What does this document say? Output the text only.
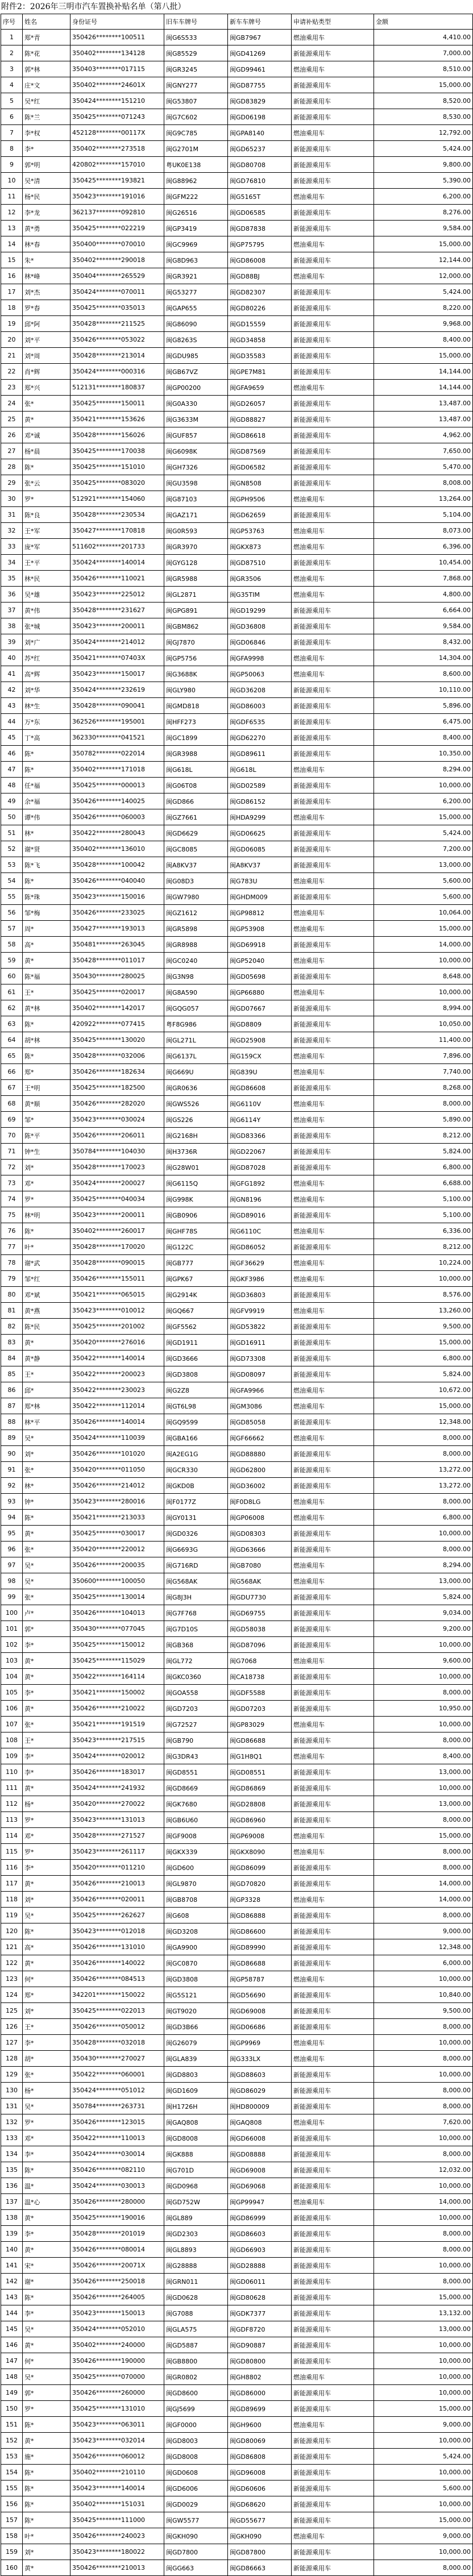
附件2：2026年三明市汽车置换补贴名单（第八批）
序号	姓名	身份证号	旧车车牌号	新车车牌号	申请补贴类型	金额
1	郑*青	350426********100511	闽G6S533	闽GB7967	燃油乘用车	4,410.00
2	陈*花	350402********134128	闽G85529	闽GD41269	新能源乘用车	7,000.00
3	郭*林	350403********017115	闽GR3245	闽GD99461	燃油乘用车	8,510.00
4	庄*文	350402********24601X	闽GNY277	闽GD87755	新能源乘用车	15,000.00
5	吴*红	350424********151210	闽G53807	闽GD83829	新能源乘用车	8,520.00
6	陈*兰	350425********071243	闽G7C602	闽GD06198	新能源乘用车	8,530.00
7	李*权	452128********00117X	闽G9C785	闽GPA8140	燃油乘用车	12,792.00
8	李*	350402********273518	闽G2701M	闽GD65237	新能源乘用车	5,424.00
9	郭*明	420802********157010	粤UK0E138	闽GD80708	新能源乘用车	9,800.00
10	吴*清	350425********193821	闽G88962	闽GD76810	新能源乘用车	5,390.00
11	杨*民	350423********191016	闽GFM222	闽G5165T	燃油乘用车	6,200.00
12	李*龙	362137********092810	闽G26516	闽GD06585	新能源乘用车	8,276.00
13	黄*勇	350425********022219	闽GP3419	闽GD87838	新能源乘用车	9,584.00
14	林*春	350400********070010	闽GC9969	闽GP75795	燃油乘用车	15,000.00
15	朱*	350402********290018	闽G8D963	闽GD86008	新能源乘用车	12,144.00
16	林*峰	350404********265529	闽GR3921	闽GD88BJ	燃油乘用车	12,000.00
17	刘*杰	350424********070011	闽G53277	闽GD82307	新能源乘用车	5,424.00
18	罗*春	350425********035013	闽GAP655	闽GD80226	新能源乘用车	8,220.00
19	邱*阿	350428********211525	闽G86090	闽GD15559	新能源乘用车	9,968.00
20	刘*平	350426********053022	闽G8263S	闽GD34858	新能源乘用车	8,400.00
21	刘*周	350428********213014	闽GDU985	闽GD35583	新能源乘用车	15,000.00
22	肖*辉	350424********000316	闽GB67VZ	闽GPE7M81	新能源乘用车	14,144.00
23	郑*兴	512131********180837	闽GP00200	闽GFA9659	燃油乘用车	14,144.00
24	张*	350425********150011	闽G0A330	闽GD26057	新能源乘用车	13,487.00
25	黄*	350421********153626	闽G3633M	闽GD88827	新能源乘用车	13,487.00
26	邓*诚	350428********156026	闽GUF857	闽GD86618	新能源乘用车	4,962.00
27	杨*晨	350425********170038	闽G6098K	闽GD87569	新能源乘用车	7,650.00
28	陈*	350425********151010	闽GH7326	闽GD06582	新能源乘用车	5,470.00
29	张*云	350425********083020	闽GU3598	闽GN8508	新能源乘用车	8,008.00
30	罗*	512921********154060	闽G87103	闽GPH9506	燃油乘用车	13,264.00
31	陈*良	350428********230534	闽GAZ171	闽GD62659	新能源乘用车	5,104.00
32	王*军	350427********170818	闽G0R593	闽GP53763	燃油乘用车	8,073.00
33	庞*军	511602********201733	闽GR3970	闽GKX873	燃油乘用车	6,396.00
34	王*平	350424********140014	闽GYG128	闽GD87510	新能源乘用车	10,454.00
35	林*民	350426********110021	闽GR5988	闽GR3506	燃油乘用车	7,868.00
36	吴*雄	350423********225012	闽GL2871	闽G35TIM	燃油乘用车	4,800.00
37	黄*伟	350428********231627	闽GPG891	闽GD19299	新能源乘用车	6,664.00
38	张*城	350423********200011	闽GBM862	闽GD36808	新能源乘用车	9,584.00
39	刘*广	350424********214012	闽GJ7870	闽GD06846	新能源乘用车	8,432.00
40	苏*红	350421********07403X	闽GP5756	闽GFA9998	燃油乘用车	14,304.00
41	高*辉	350423********150017	闽G3688K	闽GP50063	燃油乘用车	8,600.00
42	刘*华	350424********232619	闽GLY980	闽GD36208	新能源乘用车	10,110.00
43	林*生	350428********090041	闽GMD818	闽GD86003	新能源乘用车	5,896.00
44	万*东	362526********195001	闽HFF273	闽GDF6535	新能源乘用车	6,475.00
45	丁*高	362330********041521	闽GC1899	闽GD62270	新能源乘用车	8,400.00
46	陈*	350782********022014	闽GR3988	闽GD89611	新能源乘用车	10,350.00
47	陈*	350402********171018	闽G618L	闽G618L	燃油乘用车	8,294.00
48	任*福	350425********000013	闽G06T08	闽GD02589	新能源乘用车	10,000.00
49	余*福	350426********140025	闽GD866	闽GD86152	新能源乘用车	6,200.00
50	谭*伟	350426********060003	闽GZ7661	闽HDA9299	燃油乘用车	15,000.00
51	林*	350422********280043	闽GD6629	闽GD06625	新能源乘用车	5,424.00
52	谢*贤	350402********136010	闽GC8085	闽GD06085	新能源乘用车	7,200.00
53	陈*飞	350428********100042	闽A8KV37	闽A8KV37	新能源乘用车	13,000.00
54	陈*	350426********040040	闽G08D3	闽G783U	燃油乘用车	5,600.00
55	陈*珠	350423********150016	闽GW7980	闽GHDM009	新能源乘用车	5,600.00
56	邹*梅	350426********233025	闽GZ1612	闽GP98812	燃油乘用车	10,064.00
57	周*	350427********193013	闽GR5898	闽GP53908	燃油乘用车	15,000.00
58	高*	350481********263045	闽GR8988	闽GD69918	新能源乘用车	14,000.00
59	黄*	350428********011017	闽GC0240	闽GP52040	燃油乘用车	10,000.00
60	陈*福	350430********280025	闽G3N98	闽GD05698	新能源乘用车	8,648.00
61	王*	350425********020017	闽G8A590	闽GP66880	燃油乘用车	10,000.00
62	黄*林	350402********142017	闽GQG057	闽GD07667	新能源乘用车	8,994.00
63	陈*	420922********077415	粤F8G986	闽GD8809	新能源乘用车	10,050.00
64	胡*林	350425********130020	闽GL271L	闽GD25908	新能源乘用车	11,400.00
65	陈*	350428********032006	闽G6137L	闽G159CX	燃油乘用车	7,896.00
66	郑*	350426********182634	闽G669U	闽G839U	燃油乘用车	7,740.00
67	王*明	350425********182500	闽GR0636	闽GD86608	新能源乘用车	8,268.00
68	黄*顺	350426********282020	闽GWS526	闽G6110V	燃油乘用车	8,000.00
69	邹*	350423********030024	闽GS226	闽G6114Y	燃油乘用车	5,890.00
70	陈*平	350426********206011	闽G2168H	闽GD83366	新能源乘用车	8,212.00
71	钟*生	350784********104030	闽H3736R	闽GD22067	新能源乘用车	5,824.00
72	刘*	350428********170023	闽G28W01	闽GD87028	新能源乘用车	6,800.00
73	邓*	350424********200027	闽G6115Q	闽GFG1892	燃油乘用车	6,688.00
74	罗*	350425********040034	闽G998K	闽GN8196	燃油乘用车	5,100.00
75	林*明	350423********200011	闽GB0906	闽GD89016	新能源乘用车	5,100.00
76	陈*	350402********260017	闽GHF78S	闽G6110C	燃油乘用车	6,336.00
77	叶*	350428********170020	闽G122C	闽GD86052	新能源乘用车	8,212.00
78	谢*武	350428********090015	闽GB777	闽GF36629	燃油乘用车	10,224.00
79	邹*红	350426********155011	闽GPK67	闽GKF3986	燃油乘用车	10,000.00
80	邓*斌	350421********065015	闽G2914K	闽GD36803	新能源乘用车	8,576.00
81	黄*燕	350423********010012	闽GQ667	闽GFV9919	燃油乘用车	13,260.00
82	陈*民	350425********201002	闽GF5562	闽GD53822	新能源乘用车	9,500.00
83	黄*	350420********276016	闽GD1911	闽GD16911	新能源乘用车	15,000.00
84	黄*静	350422********140014	闽GD3666	闽GD73308	新能源乘用车	6,800.00
85	王*	350422********200023	闽GD3808	闽GD08097	新能源乘用车	5,824.00
86	邱*	350422********230023	闽G2Z8	闽GFA9966	燃油乘用车	10,672.00
87	郑*林	350422********112014	闽GT6L98	闽GM3086	燃油乘用车	15,000.00
88	林*平	350426********140014	闽GQ9599	闽GD85058	新能源乘用车	12,348.00
89	吴*	350424********110039	闽GBA166	闽GF66662	燃油乘用车	8,000.00
90	刘*	350426********101020	闽A2EG1G	闽GD88880	新能源乘用车	8,000.00
91	张*	350420********011050	闽GCR330	闽GD62800	新能源乘用车	13,272.00
92	林*	350426********214012	闽GKD0B	闽GD36002	新能源乘用车	13,272.00
93	钟*	350423********280016	闽F0177Z	闽F0D8LG	燃油乘用车	8,000.00
94	陈*	350421********213033	闽GY0131	闽GP06008	燃油乘用车	6,800.00
95	黄*	350425********030017	闽GD0326	闽GD08303	新能源乘用车	10,000.00
96	张*	350420********220012	闽G6693G	闽GD63666	新能源乘用车	8,000.00
97	吴*	350426********200035	闽G716RD	闽GB7080	燃油乘用车	8,294.00
98	吴*	350600********100050	闽G568AK	闽G568AK	燃油乘用车	13,000.00
99	张*	350425********130014	闽G8J3H	闽GDU7730	新能源乘用车	5,824.00
100	卢*	350426********104013	闽G7F768	闽GD69755	新能源乘用车	9,034.00
101	郭*	350430********077045	闽G7D10S	闽GD58038	新能源乘用车	9,200.00
102	李*	350425********150012	闽GB368	闽GD87096	新能源乘用车	10,000.00
103	黄*	350425********115029	闽GL772	闽G7068	燃油乘用车	9,600.00
104	黄*	350422********164114	闽GKC0360	闽CA18738	新能源乘用车	10,000.00
105	李*	350421********150002	闽GOA558	闽GDF5588	新能源乘用车	8,000.00
106	黄*	350426********210022	闽GD7203	闽GD07203	新能源乘用车	10,950.00
107	张*	350421********191519	闽G72527	闽GP83029	燃油乘用车	10,000.00
108	王*	350423********217515	闽GB790	闽GD86688	新能源乘用车	8,000.00
109	李*	350424********020012	闽G3DR43	闽G1H8Q1	燃油乘用车	8,400.00
110	李*	350426********183017	闽GD8551	闽GD08551	新能源乘用车	13,000.00
111	黄*	350424********241932	闽GD8669	闽GD86869	新能源乘用车	10,000.00
112	杨*	350420********270022	闽GK7680	闽GD28808	新能源乘用车	13,000.00
113	罗*	350423********131013	闽GB6U60	闽GD86960	新能源乘用车	8,000.00
114	邓*	350428********271527	闽GF9008	闽GP69008	燃油乘用车	15,000.00
115	罗*	350423********261117	闽GKX339	闽GKX8090	燃油乘用车	8,000.00
116	李*	350420********011210	闽GD600	闽GD86099	新能源乘用车	8,000.00
117	黄*	350426********210013	闽GL9870	闽GD70820	新能源乘用车	14,000.00
118	刘*	350426********020011	闽GB8708	闽GP3328	燃油乘用车	14,000.00
119	吴*	350425********262627	闽G608	闽GD86888	新能源乘用车	8,000.00
120	陈*	350423********012018	闽GD3208	闽GD86600	新能源乘用车	9,000.00
121	高*	350426********131010	闽GA9900	闽GD89990	新能源乘用车	12,348.00
122	黄*	350426********140022	闽GC0870	闽GD86688	新能源乘用车	6,000.00
123	何*	350426********084513	闽GD3808	闽GP58787	燃油乘用车	10,000.00
124	郑*	342201********150022	闽G5S121	闽GD56690	新能源乘用车	10,840.00
125	刘*	350425********022013	闽GT9020	闽GD69008	新能源乘用车	9,500.00
126	王*	350426********050012	闽GD3B66	闽GD06686	新能源乘用车	8,000.00
127	李*	350428********032018	闽G26079	闽GP9969	燃油乘用车	10,000.00
128	胡*	350430********270027	闽GLA839	闽G333LX	燃油乘用车	8,000.00
129	张*	350422********060001	闽GD8803	闽GD88603	新能源乘用车	10,000.00
130	杨*	350424********051012	闽GD1609	闽GD86029	新能源乘用车	8,000.00
131	吴*	350784********263731	闽H1726H	闽HD800009	新能源乘用车	8,000.00
132	罗*	350426********123015	闽GAQ808	闽GAQ808	燃油乘用车	7,620.00
133	邓*	350422********110013	闽GD8008	闽GD66008	新能源乘用车	10,000.00
134	李*	350424********030014	闽GK888	闽GD08888	新能源乘用车	8,000.00
135	陈*	350426********082110	闽G701D	闽GD69008	新能源乘用车	12,032.00
136	温*	350424********030013	闽GD0968	闽GD69068	新能源乘用车	10,000.00
137	温*心	350426********280000	闽GD752W	闽GP99947	燃油乘用车	14,000.00
138	黄*	350425********190016	闽GL889	闽GD86999	新能源乘用车	10,000.00
139	李*	350428********201019	闽GD2303	闽GD86603	新能源乘用车	8,000.00
140	黄*	350426********080014	闽GL8893	闽GD66903	新能源乘用车	8,000.00
141	宋*	350426********20071X	闽G28888	闽GD28888	新能源乘用车	10,000.00
142	谢*	350426********250018	闽GRN011	闽GD06011	新能源乘用车	8,000.00
143	陈*	350426********264005	闽GD0628	闽GD80628	新能源乘用车	15,000.00
144	李*	350423********150013	闽G7088	闽GDK7377	新能源乘用车	13,132.00
145	吴*	350424********052010	闽GLA575	闽GDF8720	新能源乘用车	13,000.00
146	黄*	350402********240000	闽GD5887	闽GD90887	新能源乘用车	10,000.00
147	何*	350426********190000	闽GB8800	闽GD80800	新能源乘用车	10,000.00
148	吴*	350425********070000	闽GR0802	闽GH8802	燃油乘用车	10,000.00
149	郭*	350426********260000	闽GD8600	闽GD86000	新能源乘用车	10,000.00
150	罗*	350425********131010	闽GJ5699	闽GD89699	新能源乘用车	15,000.00
151	陈*	350423********063011	闽GF0000	闽GH9600	燃油乘用车	9,000.00
152	黄*	350423********032014	闽GD8003	闽GD80069	新能源乘用车	10,000.00
153	施*	350426********060012	闽GD8008	闽GD86808	新能源乘用车	5,424.00
154	陈*	350402********210110	闽GD0608	闽GD96008	新能源乘用车	10,000.00
155	陈*	350423********140014	闽GD6006	闽GD60606	新能源乘用车	5,600.00
156	陈*	350402********151031	闽GD0029	闽GD68620	新能源乘用车	10,000.00
157	陈*	350425********111000	闽GW5577	闽GD55677	新能源乘用车	15,000.00
158	叶*	350426********240023	闽GKH090	闽GKH090	燃油乘用车	9,000.00
159	刘*	350423********180022	闽GD7800	闽GD87800	新能源乘用车	10,000.00
160	黄*	350426********210013	闽GG663	闽GD86663	新能源乘用车	8,000.00
